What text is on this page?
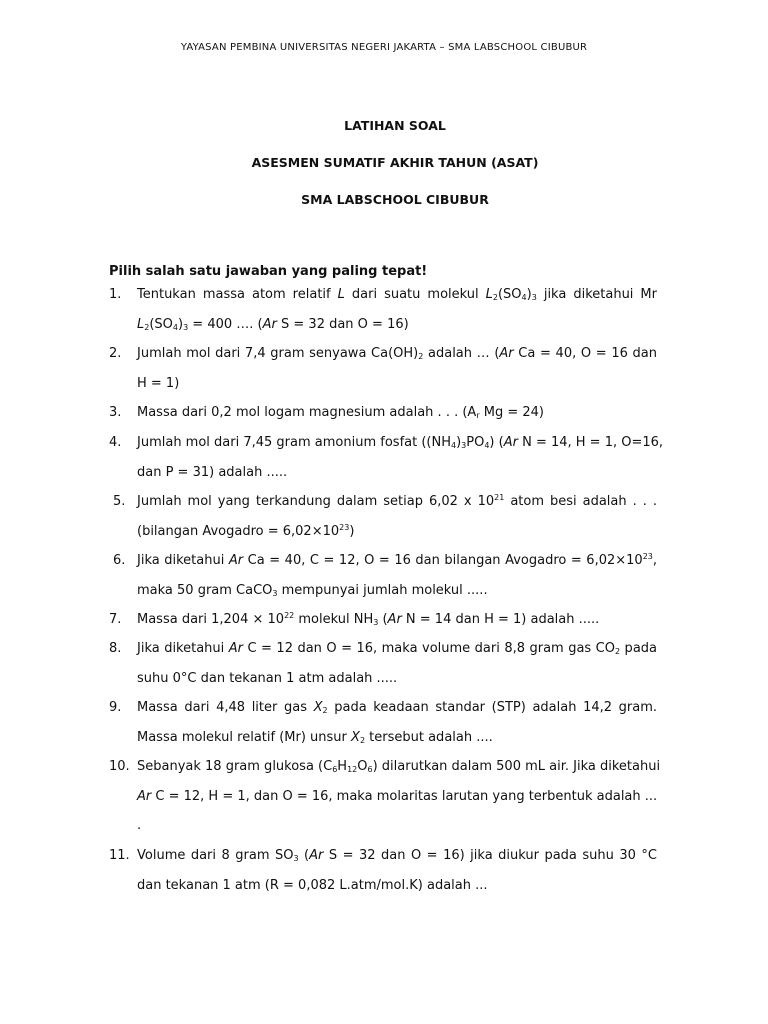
YAYASAN PEMBINA UNIVERSITAS NEGERI JAKARTA – SMA LABSCHOOL CIBUBUR
LATIHAN SOAL
ASESMEN SUMATIF AKHIR TAHUN (ASAT)
SMA LABSCHOOL CIBUBUR
Pilih salah satu jawaban yang paling tepat!
1. Tentukan massa atom relatif L dari suatu molekul $L_2(SO_4)_3$ jika diketahui Mr
$L_2(SO_4)_3 = 400$ …. (Ar S = 32 dan O = 16)
2. Jumlah mol dari 7,4 gram senyawa $Ca(OH)_2$ adalah … (Ar Ca = 40, O = 16 dan
H = 1)
3. Massa dari 0,2 mol logam magnesium adalah . . . ($A_r$ Mg = 24)
4. Jumlah mol dari 7,45 gram amonium fosfat $((NH_4)_3PO_4)$ (Ar N = 14, H = 1, O=16,
dan P = 31) adalah .....
5. Jumlah mol yang terkandung dalam setiap 6,02 x $10^{21}$ atom besi adalah . . .
(bilangan Avogadro = $6,02\times 10^{23}$)
6. Jika diketahui Ar Ca = 40, C = 12, O = 16 dan bilangan Avogadro = $6,02\times 10^{23}$,
maka 50 gram CaCO$_3$ mempunyai jumlah molekul .....
7. Massa dari $1,204 \times 10^{22}$ molekul $NH_3$ (Ar N = 14 dan H = 1) adalah .....
8. Jika diketahui Ar C = 12 dan O = 16, maka volume dari 8,8 gram gas $CO_2$ pada
suhu 0°C dan tekanan 1 atm adalah .....
9. Massa dari 4,48 liter gas $X_2$ pada keadaan standar (STP) adalah 14,2 gram.
Massa molekul relatif (Mr) unsur $X_2$ tersebut adalah ....
10. Sebanyak 18 gram glukosa $(C_6H_{12}O_6)$ dilarutkan dalam 500 mL air. Jika diketahui
Ar C = 12, H = 1, dan O = 16, maka molaritas larutan yang terbentuk adalah ...
.
11. Volume dari 8 gram $SO_3$ (Ar S = 32 dan O = 16) jika diukur pada suhu 30 °C
dan tekanan 1 atm (R = 0,082 L.atm/mol.K) adalah ...
